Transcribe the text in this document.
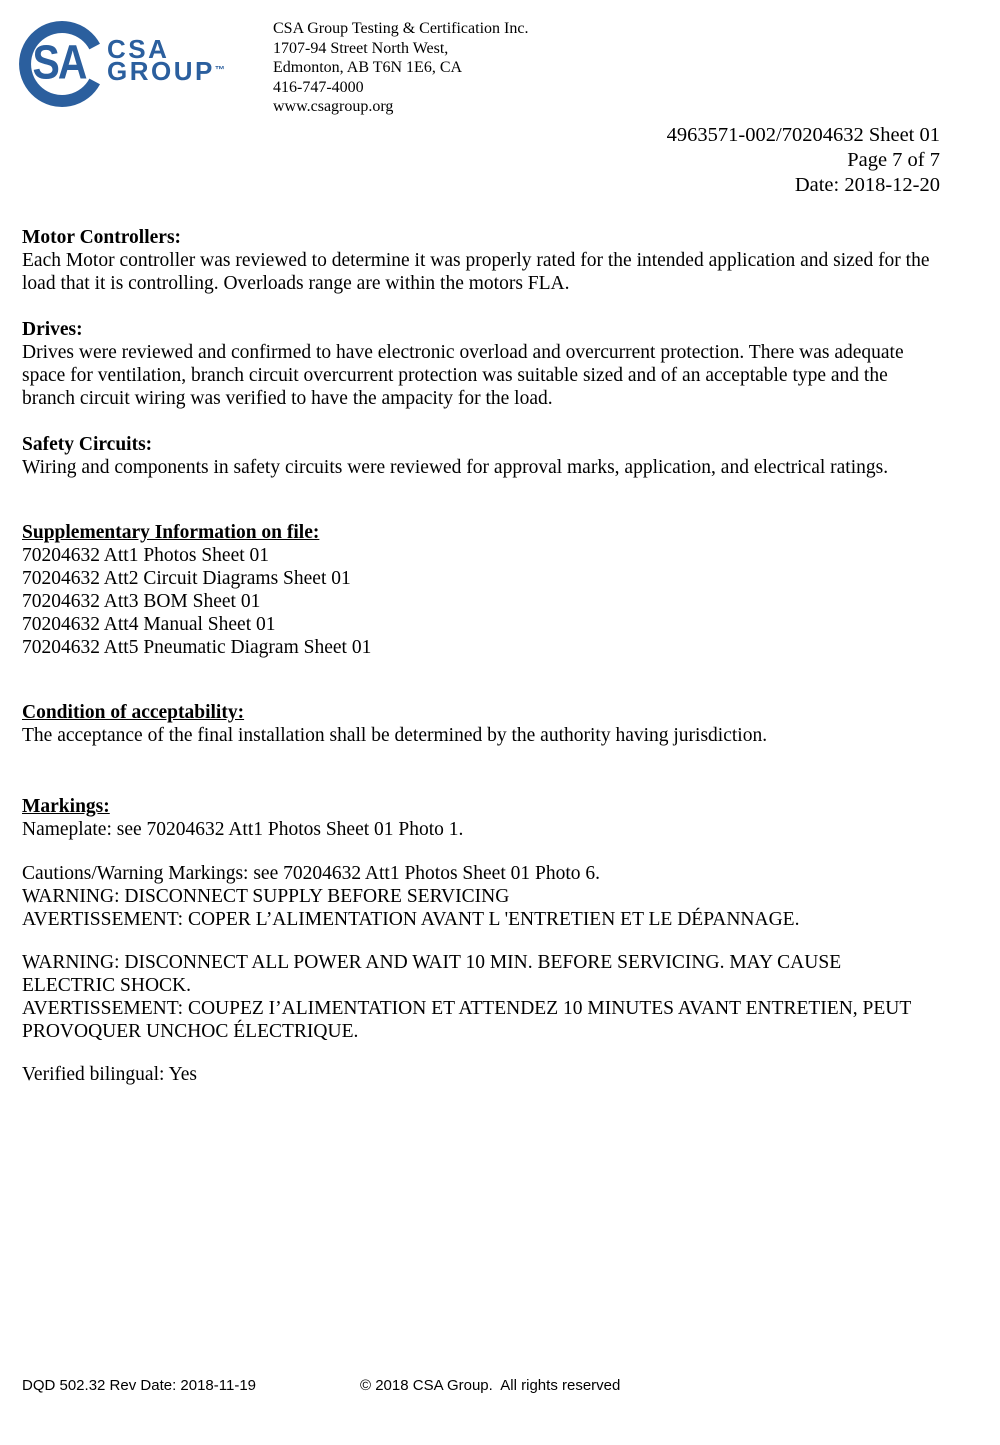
SA CSA
GROUP™
CSA Group Testing & Certification Inc.
1707-94 Street North West,
Edmonton, AB T6N 1E6, CA
416-747-4000
www.csagroup.org
4963571-002/70204632 Sheet 01
Page 7 of 7
Date: 2018-12-20
Motor Controllers:
Each Motor controller was reviewed to determine it was properly rated for the intended application and sized for the
load that it is controlling. Overloads range are within the motors FLA.
Drives:
Drives were reviewed and confirmed to have electronic overload and overcurrent protection. There was adequate
space for ventilation, branch circuit overcurrent protection was suitable sized and of an acceptable type and the
branch circuit wiring was verified to have the ampacity for the load.
Safety Circuits:
Wiring and components in safety circuits were reviewed for approval marks, application, and electrical ratings.
Supplementary Information on file:
70204632 Att1 Photos Sheet 01
70204632 Att2 Circuit Diagrams Sheet 01
70204632 Att3 BOM Sheet 01
70204632 Att4 Manual Sheet 01
70204632 Att5 Pneumatic Diagram Sheet 01
Condition of acceptability:
The acceptance of the final installation shall be determined by the authority having jurisdiction.
Markings:
Nameplate: see 70204632 Att1 Photos Sheet 01 Photo 1.
Cautions/Warning Markings: see 70204632 Att1 Photos Sheet 01 Photo 6.
WARNING: DISCONNECT SUPPLY BEFORE SERVICING
AVERTISSEMENT: COPER L’ALIMENTATION AVANT L 'ENTRETIEN ET LE DÉPANNAGE.
WARNING: DISCONNECT ALL POWER AND WAIT 10 MIN. BEFORE SERVICING. MAY CAUSE
ELECTRIC SHOCK.
AVERTISSEMENT: COUPEZ I’ALIMENTATION ET ATTENDEZ 10 MINUTES AVANT ENTRETIEN, PEUT
PROVOQUER UNCHOC ÉLECTRIQUE.
Verified bilingual: Yes
DQD 502.32 Rev Date: 2018-11-19	© 2018 CSA Group.  All rights reserved
